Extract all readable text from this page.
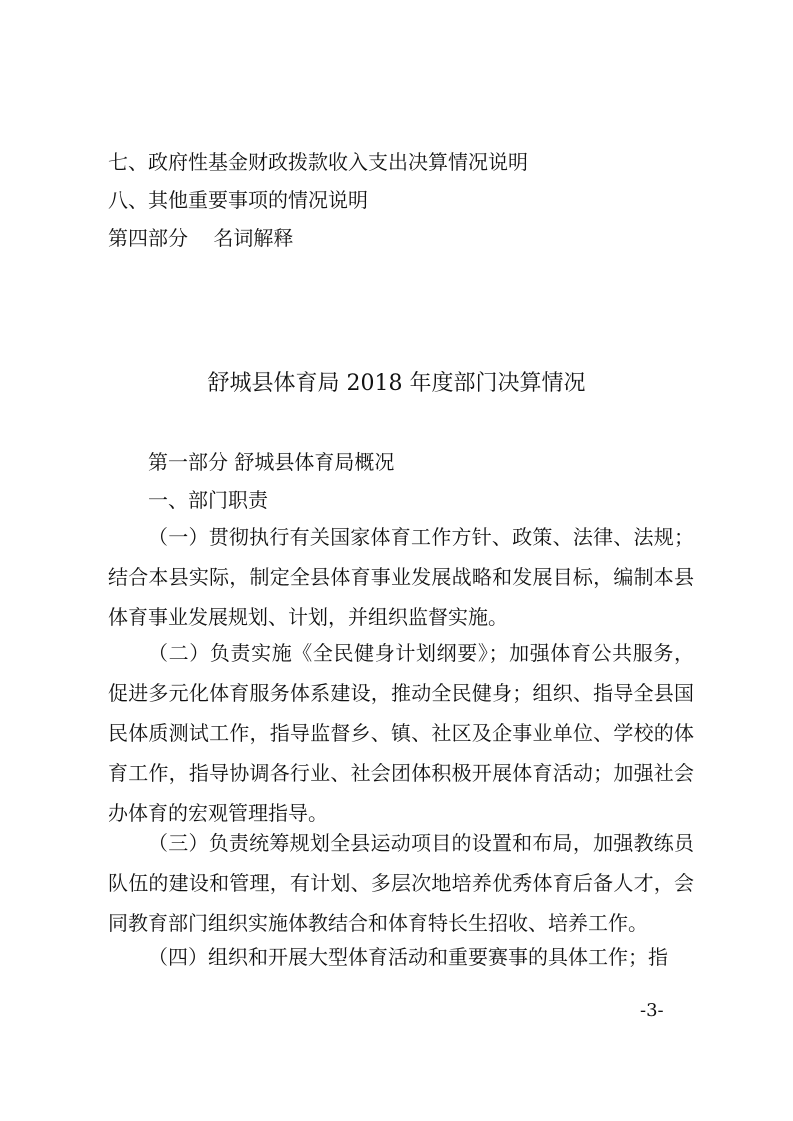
七、政府性基金财政拨款收入支出决算情况说明
八、其他重要事项的情况说明
第四部分    名词解释
舒城县体育局 2018 年度部门决算情况
第一部分 舒城县体育局概况
一、部门职责

（一）贯彻执行有关国家体育工作方针、政策、法律、法规；结合本县实际，制定全县体育事业发展战略和发展目标，编制本县体育事业发展规划、计划，并组织监督实施。

（二）负责实施《全民健身计划纲要》；加强体育公共服务，促进多元化体育服务体系建设，推动全民健身；组织、指导全县国民体质测试工作，指导监督乡、镇、社区及企事业单位、学校的体育工作，指导协调各行业、社会团体积极开展体育活动；加强社会办体育的宏观管理指导。

（三）负责统筹规划全县运动项目的设置和布局，加强教练员队伍的建设和管理，有计划、多层次地培养优秀体育后备人才，会同教育部门组织实施体教结合和体育特长生招收、培养工作。

（四）组织和开展大型体育活动和重要赛事的具体工作；指

-3-
